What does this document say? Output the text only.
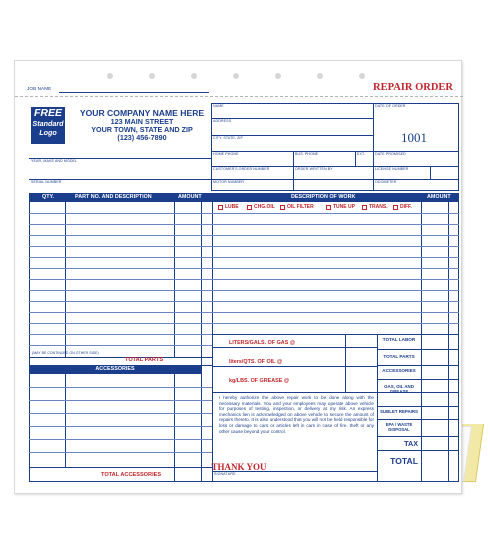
JOB NAME	REPAIR ORDER
FREE
Standard
Logo
YOUR COMPANY NAME HERE
123 MAIN STREET
YOUR TOWN, STATE AND ZIP
(123) 456-7890
NAME	DATE OF ORDER
ADDRESS
CITY, STATE, ZIP	1001
HOME PHONE	BUS. PHONE	EXT.	DATE PROMISED
CUSTOMER'S ORDER NUMBER	ORDER WRITTEN BY	LICENSE NUMBER
MOTOR NUMBER	ODOMETER
YEAR, MAKE AND MODEL
SERIAL NUMBER
QTY.	PART NO. AND DESCRIPTION	AMOUNT	DESCRIPTION OF WORK	AMOUNT
(MAY BE CONTINUED ON OTHER SIDE)
TOTAL PARTS
ACCESSORIES
TOTAL ACCESSORIES
LUBE	CHG.OIL OIL FILTER	TUNE UP	TRANS. DIFF.
LITERS/GALS. OF GAS @
liters/QTS. OF OIL @
kg/LBS. OF GREASE @
TOTAL LABOR
TOTAL PARTS
ACCESSORIES
GAS, OIL AND GREASE
SUBLET REPAIRS
EPA / WASTE DISPOSAL
TAX
TOTAL
I hereby authorize the above repair work to be done along with the necessary materials. You and your employees may operate above vehicle for purposes of testing, inspection, or delivery at my risk. An express mechanics lien is acknowledged on above vehicle to secure the amount of repairs thereto. It is also understood that you will not be held responsible for loss or damage to cars or articles left in cars in case of fire, theft or any other cause beyond your control.
SIGNATURE
THANK YOU
